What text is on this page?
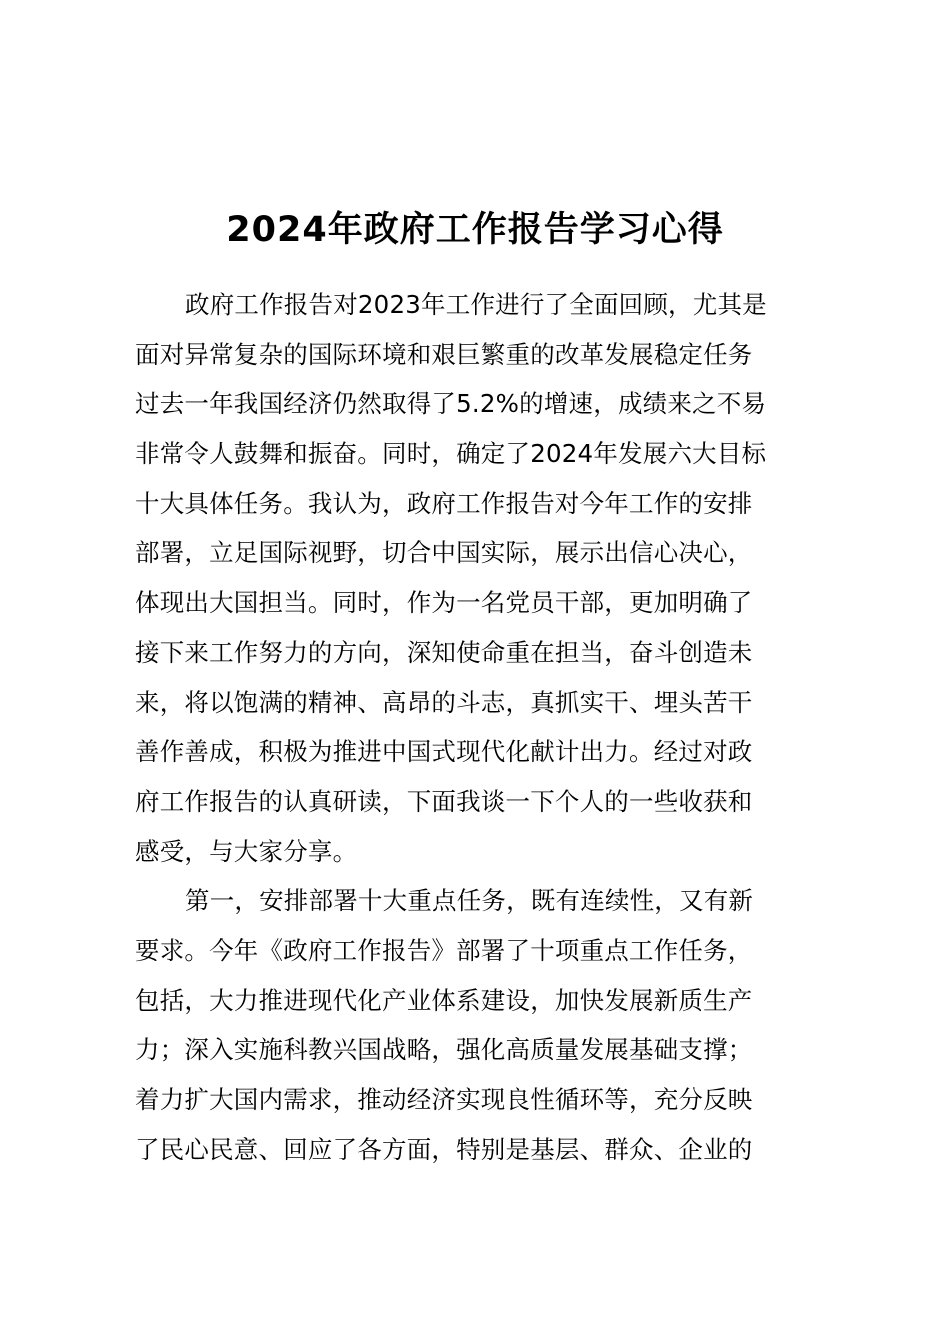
2024年政府工作报告学习心得
政府工作报告对2023年工作进行了全面回顾，尤其是
面对异常复杂的国际环境和艰巨繁重的改革发展稳定任务
过去一年我国经济仍然取得了5.2%的增速，成绩来之不易
非常令人鼓舞和振奋。同时，确定了2024年发展六大目标
十大具体任务。我认为，政府工作报告对今年工作的安排
部署，立足国际视野，切合中国实际，展示出信心决心，
体现出大国担当。同时，作为一名党员干部，更加明确了
接下来工作努力的方向，深知使命重在担当，奋斗创造未
来，将以饱满的精神、高昂的斗志，真抓实干、埋头苦干
善作善成，积极为推进中国式现代化献计出力。经过对政
府工作报告的认真研读，下面我谈一下个人的一些收获和
感受，与大家分享。
第一，安排部署十大重点任务，既有连续性，又有新
要求。今年《政府工作报告》部署了十项重点工作任务，
包括，大力推进现代化产业体系建设，加快发展新质生产
力；深入实施科教兴国战略，强化高质量发展基础支撑；
着力扩大国内需求，推动经济实现良性循环等，充分反映
了民心民意、回应了各方面，特别是基层、群众、企业的
